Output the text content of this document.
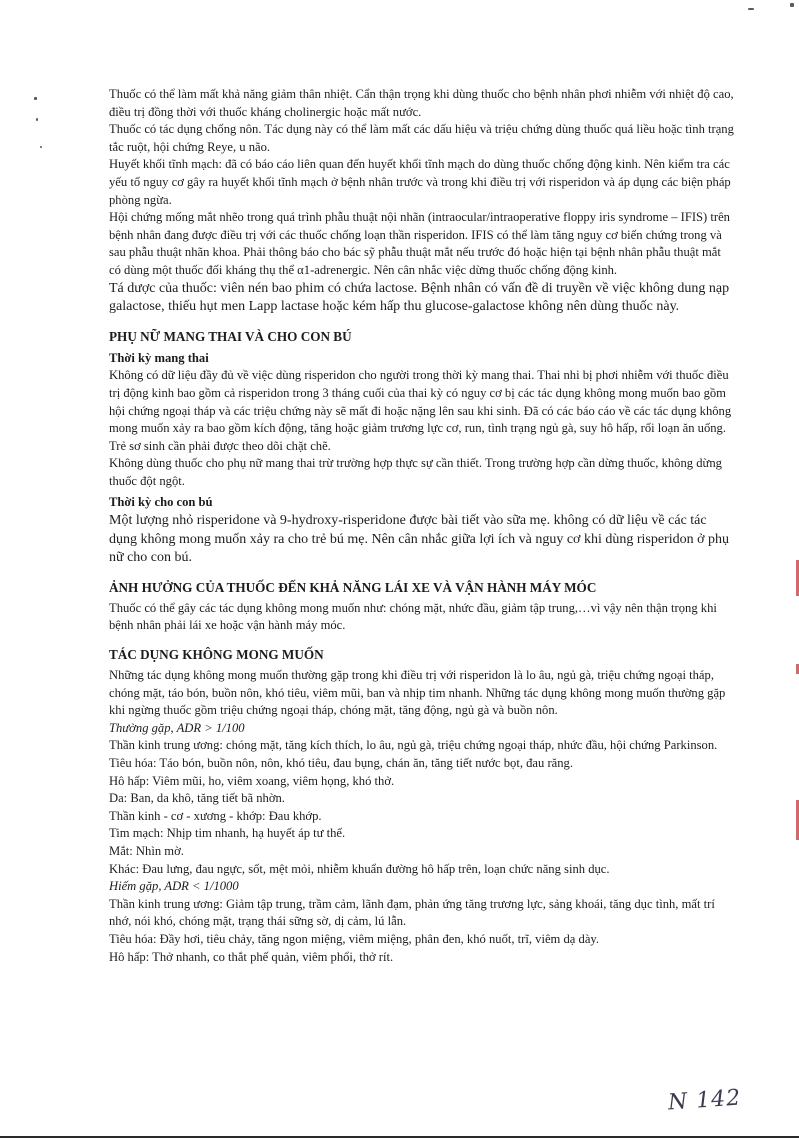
Thuốc có thể làm mất khả năng giảm thân nhiệt. Cẩn thận trọng khi dùng thuốc cho bệnh nhân phơi nhiễm với nhiệt độ cao, điều trị đồng thời với thuốc kháng cholinergic hoặc mất nước.

Thuốc có tác dụng chống nôn. Tác dụng này có thể làm mất các dấu hiệu và triệu chứng dùng thuốc quá liều hoặc tình trạng tắc ruột, hội chứng Reye, u não.

Huyết khối tĩnh mạch: đã có báo cáo liên quan đến huyết khối tĩnh mạch do dùng thuốc chống động kinh. Nên kiểm tra các yếu tố nguy cơ gây ra huyết khối tĩnh mạch ở bệnh nhân trước và trong khi điều trị với risperidon và áp dụng các biện pháp phòng ngừa.

Hội chứng mống mắt nhẽo trong quá trình phẫu thuật nội nhãn (intraocular/intraoperative floppy iris syndrome – IFIS) trên bệnh nhân đang được điều trị với các thuốc chống loạn thần risperidon. IFIS có thể làm tăng nguy cơ biến chứng trong và sau phẫu thuật nhãn khoa. Phải thông báo cho bác sỹ phẫu thuật mắt nếu trước đó hoặc hiện tại bệnh nhân phẫu thuật mắt có dùng một thuốc đối kháng thụ thể α1-adrenergic. Nên cân nhắc việc dừng thuốc chống động kinh.

Tá dược của thuốc: viên nén bao phim có chứa lactose. Bệnh nhân có vấn đề di truyền về việc không dung nạp galactose, thiếu hụt men Lapp lactase hoặc kém hấp thu glucose-galactose không nên dùng thuốc này.

PHỤ NỮ MANG THAI VÀ CHO CON BÚ
Thời kỳ mang thai

Không có dữ liệu đầy đủ về việc dùng risperidon cho người trong thời kỳ mang thai. Thai nhi bị phơi nhiễm với thuốc điều trị động kinh bao gồm cả risperidon trong 3 tháng cuối của thai kỳ có nguy cơ bị các tác dụng không mong muốn bao gồm hội chứng ngoại tháp và các triệu chứng này sẽ mất đi hoặc nặng lên sau khi sinh. Đã có các báo cáo về các tác dụng không mong muốn xảy ra bao gồm kích động, tăng hoặc giảm trương lực cơ, run, tình trạng ngủ gà, suy hô hấp, rối loạn ăn uống. Trẻ sơ sinh cần phải được theo dõi chặt chẽ.

Không dùng thuốc cho phụ nữ mang thai trừ trường hợp thực sự cần thiết. Trong trường hợp cần dừng thuốc, không dừng thuốc đột ngột.

Thời kỳ cho con bú

Một lượng nhỏ risperidone và 9-hydroxy-risperidone được bài tiết vào sữa mẹ. không có dữ liệu về các tác dụng không mong muốn xảy ra cho trẻ bú mẹ. Nên cân nhắc giữa lợi ích và nguy cơ khi dùng risperidon ở phụ nữ cho con bú.

ẢNH HƯỞNG CỦA THUỐC ĐẾN KHẢ NĂNG LÁI XE VÀ VẬN HÀNH MÁY MÓC

Thuốc có thể gây các tác dụng không mong muốn như: chóng mặt, nhức đầu, giảm tập trung,…vì vậy nên thận trọng khi bệnh nhân phải lái xe hoặc vận hành máy móc.

TÁC DỤNG KHÔNG MONG MUỐN

Những tác dụng không mong muốn thường gặp trong khi điều trị với risperidon là lo âu, ngủ gà, triệu chứng ngoại tháp, chóng mặt, táo bón, buồn nôn, khó tiêu, viêm mũi, ban và nhịp tim nhanh. Những tác dụng không mong muốn thường gặp khi ngừng thuốc gồm triệu chứng ngoại tháp, chóng mặt, tăng động, ngủ gà và buồn nôn.

Thường gặp, ADR > 1/100

Thần kinh trung ương: chóng mặt, tăng kích thích, lo âu, ngủ gà, triệu chứng ngoại tháp, nhức đầu, hội chứng Parkinson.

Tiêu hóa: Táo bón, buồn nôn, nôn, khó tiêu, đau bụng, chán ăn, tăng tiết nước bọt, đau răng.

Hô hấp: Viêm mũi, ho, viêm xoang, viêm họng, khó thở.

Da: Ban, da khô, tăng tiết bã nhờn.

Thần kinh - cơ - xương - khớp: Đau khớp.

Tim mạch: Nhịp tim nhanh, hạ huyết áp tư thế.

Mắt: Nhìn mờ.

Khác: Đau lưng, đau ngực, sốt, mệt mỏi, nhiễm khuẩn đường hô hấp trên, loạn chức năng sinh dục.

Hiếm gặp, ADR < 1/1000

Thần kinh trung ương: Giảm tập trung, trầm cảm, lãnh đạm, phản ứng tăng trương lực, sảng khoái, tăng dục tình, mất trí nhớ, nói khó, chóng mặt, trạng thái sững sờ, dị cảm, lú lẫn.

Tiêu hóa: Đầy hơi, tiêu chảy, tăng ngon miệng, viêm miệng, phân đen, khó nuốt, trĩ, viêm dạ dày.

Hô hấp: Thở nhanh, co thắt phế quản, viêm phổi, thở rít.

N 142
